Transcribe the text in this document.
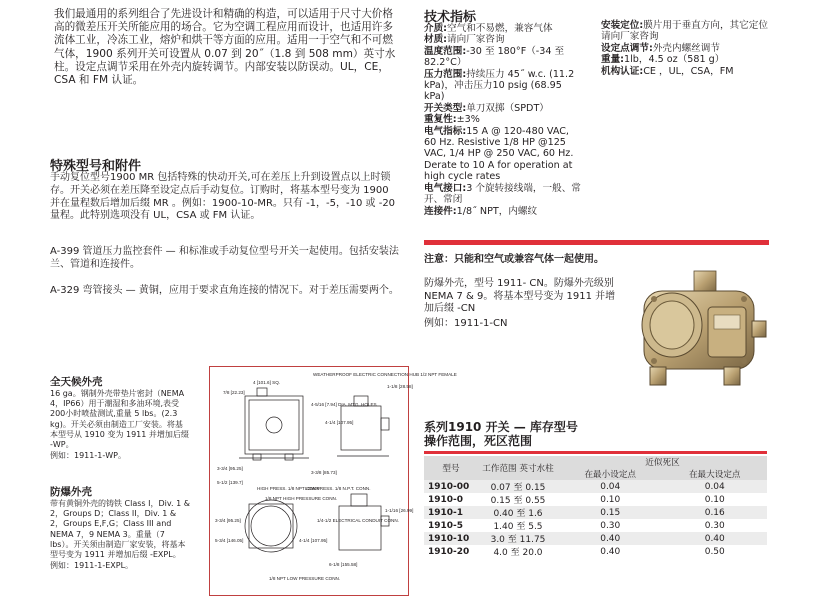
我们最通用的系列组合了先进设计和精确的构造，可以适用于尺寸大价格高的微差压开关所能应用的场合。它为空调工程应用而设计，也适用许多流体工业，冷冻工业，熔炉和烘干等方面的应用。适用一于空气和不可燃气体，1900 系列开关可设置从 0.07 到 20˝（1.8 到 508 mm）英寸水柱。设定点调节采用在外壳内旋转调节。内部安装以防误动。UL，CE，CSA 和 FM 认证。

技术指标

介质:空气和不易燃，兼容气体
材质:请向厂家咨询
温度范围:-30 至 180°F（-34 至 82.2°C）
压力范围:持续压力 45˝ w.c. (11.2 kPa)，冲击压力10 psig (68.95 kPa)
开关类型:单刀双掷（SPDT）
重复性:±3%
电气指标:15 A @ 120-480 VAC, 60 Hz. Resistive 1/8 HP @125 VAC, 1/4 HP @ 250 VAC, 60 Hz. Derate to 10 A for operation at high cycle rates
电气接口:3 个旋转接线端，一般、常开、常闭
连接件:1/8˝ NPT，内螺纹
安装定位:膜片用于垂直方向，其它定位请向厂家咨询
设定点调节:外壳内螺丝调节
重量:1lb，4.5 oz（581 g）
机构认证:CE ，UL，CSA，FM

特殊型号和附件

手动复位型号1900 MR 包括特殊的快动开关,可在差压上升到设置点以上时锁存。开关必须在差压降至设定点后手动复位。订购时，将基本型号变为 1900 并在量程数后增加后缀 MR 。例如：1900-10-MR。只有 -1，-5，-10 或 -20 量程。此特别选项没有 UL，CSA 或 FM 认证。

A-399 管道压力监控套件 — 和标准或手动复位型号开关一起使用。包括安装法兰、管道和连接件。

A-329 弯管接头 — 黄铜，应用于要求直角连接的情况下。对于差压需要两个。

全天候外壳

16 ga。钢制外壳带垫片密封（NEMA 4，IP66）用于潮湿和多油环境,表受200小时喷盐测试,重量 5 lbs。(2.3 kg)。开关必须由制造工厂安装。将基本型号从 1910 变为 1911 并增加后缀 -WP。

例如：1911-1-WP。

防爆外壳

带有黄铜外壳的铸铁 Class I，Div. 1 & 2，Groups D；Class II，Div. 1 & 2，Groups E,F,G；Class III and NEMA 7，9 NEMA 3。重量（7 lbs）。开关须由制造厂家安装，将基本型号变为 1911 并增加后缀 -EXPL。

例如：1911-1-EXPL。

WEATHERPROOF ELECTRIC CONNECTION HUB 1/2 NPT FEMALE
1-1/8 [28.58]
4 [101.6] SQ.
7/8 [22.23]
4-5/16 [7.94] DIA. MTG. HOLES
4-1/4 [107.95]
3-3/4 [95.25]
5-1/2 [139.7]
HIGH PRESS. 1/8 NPT CONN.
LOW PRESS. 1/8 N.P.T. CONN.
1/8 NPT HIGH PRESSURE CONN.
3-3/8 [85.73]
3-3/4 [95.25]
5-3/4 [146.05]	4-1/4 [107.95]
1/4-1/2 ELECTRICAL CONDUIT CONN.
1-1/16 [26.99]
6-1/8 [155.58]
1/8 NPT LOW PRESSURE CONN.

注意：只能和空气或兼容气体一起使用。

防爆外壳，型号 1911- CN。防爆外壳级别 NEMA 7 & 9。将基本型号变为 1911 并增加后缀 -CN

例如：1911-1-CN

系列1910 开关 — 库存型号

操作范围，死区范围

型号	工作范围 英寸水柱	近似死区	
		在最小设定点	在最大设定点
1910-00	0.07 至 0.15	0.04	0.04
1910-0	0.15 至 0.55	0.10	0.10
1910-1	0.40 至 1.6	0.15	0.16
1910-5	1.40 至 5.5	0.30	0.30
1910-10	3.0 至 11.75	0.40	0.40
1910-20	4.0 至 20.0	0.40	0.50
